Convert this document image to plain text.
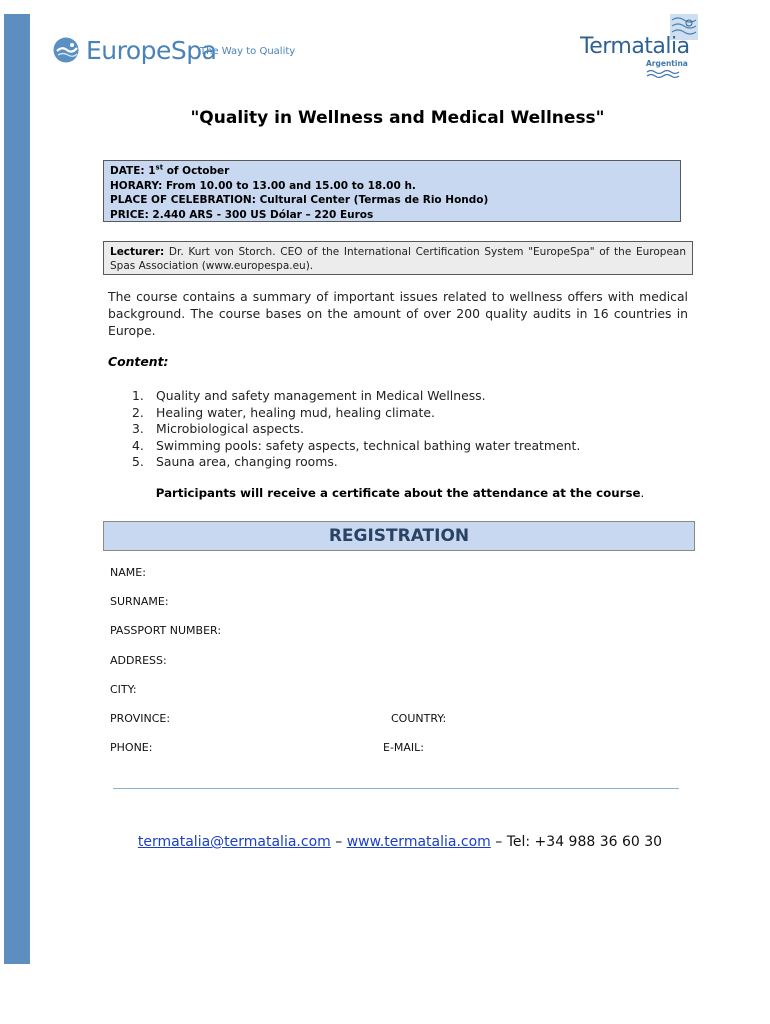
EuropeSpa
The Way to Quality	Termatalia
Argentina
"Quality in Wellness and Medical Wellness"
DATE: 1st of October
HORARY: From 10.00 to 13.00 and 15.00 to 18.00 h.
PLACE OF CELEBRATION: Cultural Center (Termas de Rio Hondo)
PRICE: 2.440 ARS - 300 US Dólar – 220 Euros
Lecturer: Dr. Kurt von Storch. CEO of the International Certification System "EuropeSpa" of the European Spas Association (www.europespa.eu).
The course contains a summary of important issues related to wellness offers with medical background. The course bases on the amount of over 200 quality audits in 16 countries in Europe.
Content:
1. Quality and safety management in Medical Wellness.
2. Healing water, healing mud, healing climate.
3. Microbiological aspects.
4. Swimming pools: safety aspects, technical bathing water treatment.
5. Sauna area, changing rooms.
Participants will receive a certificate about the attendance at the course.
REGISTRATION
NAME:
SURNAME:
PASSPORT NUMBER:
ADDRESS:
CITY:
PROVINCE:	COUNTRY:
PHONE:	E-MAIL:
termatalia@termatalia.com – www.termatalia.com – Tel: +34 988 36 60 30
